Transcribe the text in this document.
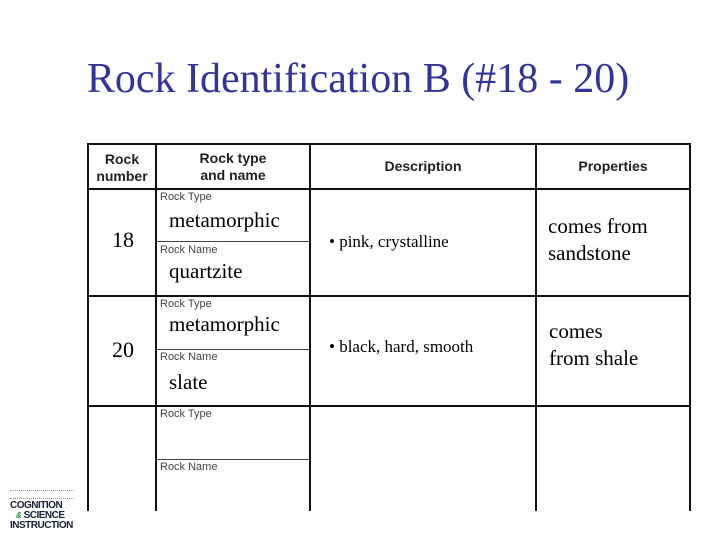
Rock Identification B (#18 - 20)
Rock
number
Rock type
and name
Description	Properties
Rock Type
Rock Name
18
metamorphic
quartzite
• pink, crystalline
comes from
sandstone
Rock Type
Rock Name
20
metamorphic
slate
• black, hard, smooth
comes
from shale
Rock Type
Rock Name
COGNITION
& SCIENCE
INSTRUCTION
